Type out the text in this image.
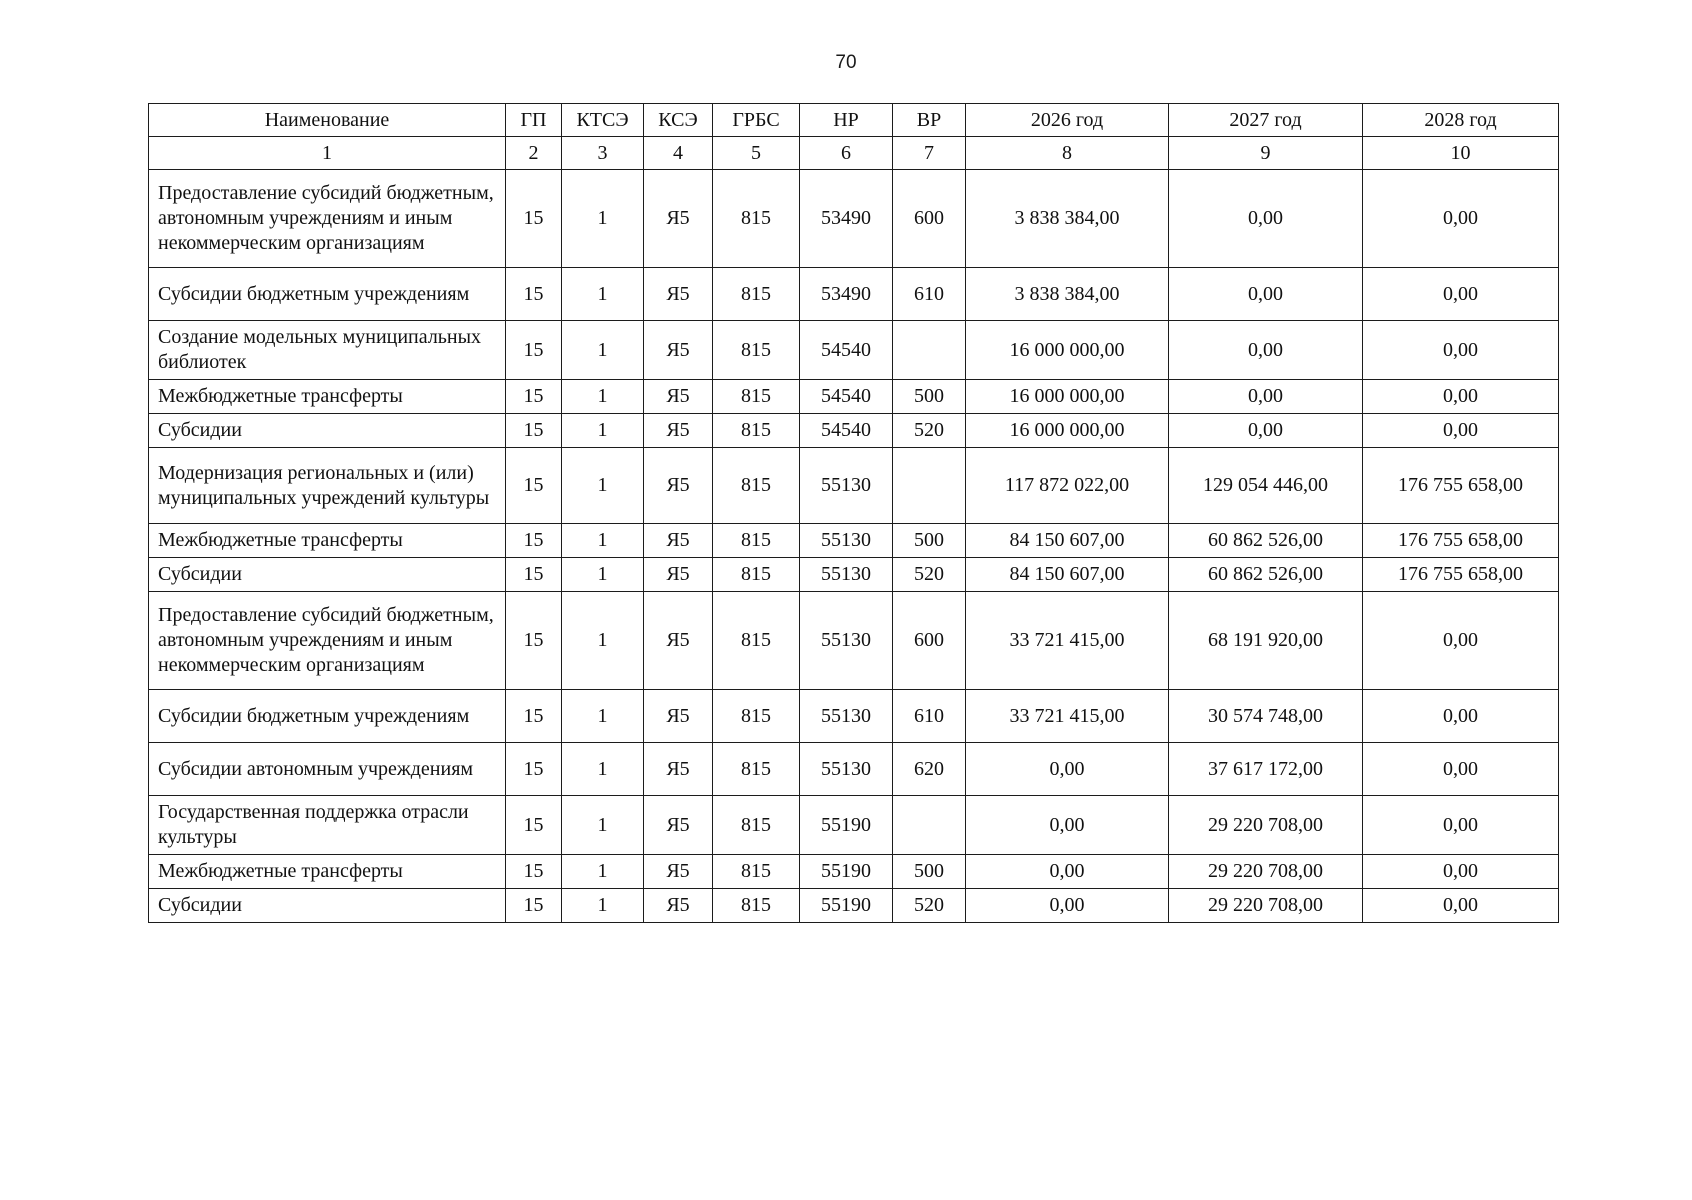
70
Наименование	ГП	КТСЭ	КСЭ	ГРБС	НР	ВР	2026 год	2027 год	2028 год
1	2	3	4	5	6	7	8	9	10
Предоставление субсидий бюджетным, автономным учреждениям и иным некоммерческим организациям	15	1	Я5	815	53490	600	3 838 384,00	0,00	0,00
Субсидии бюджетным учреждениям	15	1	Я5	815	53490	610	3 838 384,00	0,00	0,00
Создание модельных муниципальных библиотек	15	1	Я5	815	54540		16 000 000,00	0,00	0,00
Межбюджетные трансферты	15	1	Я5	815	54540	500	16 000 000,00	0,00	0,00
Субсидии	15	1	Я5	815	54540	520	16 000 000,00	0,00	0,00
Модернизация региональных и (или) муниципальных учреждений культуры	15	1	Я5	815	55130		117 872 022,00	129 054 446,00	176 755 658,00
Межбюджетные трансферты	15	1	Я5	815	55130	500	84 150 607,00	60 862 526,00	176 755 658,00
Субсидии	15	1	Я5	815	55130	520	84 150 607,00	60 862 526,00	176 755 658,00
Предоставление субсидий бюджетным, автономным учреждениям и иным некоммерческим организациям	15	1	Я5	815	55130	600	33 721 415,00	68 191 920,00	0,00
Субсидии бюджетным учреждениям	15	1	Я5	815	55130	610	33 721 415,00	30 574 748,00	0,00
Субсидии автономным учреждениям	15	1	Я5	815	55130	620	0,00	37 617 172,00	0,00
Государственная поддержка отрасли культуры	15	1	Я5	815	55190		0,00	29 220 708,00	0,00
Межбюджетные трансферты	15	1	Я5	815	55190	500	0,00	29 220 708,00	0,00
Субсидии	15	1	Я5	815	55190	520	0,00	29 220 708,00	0,00
